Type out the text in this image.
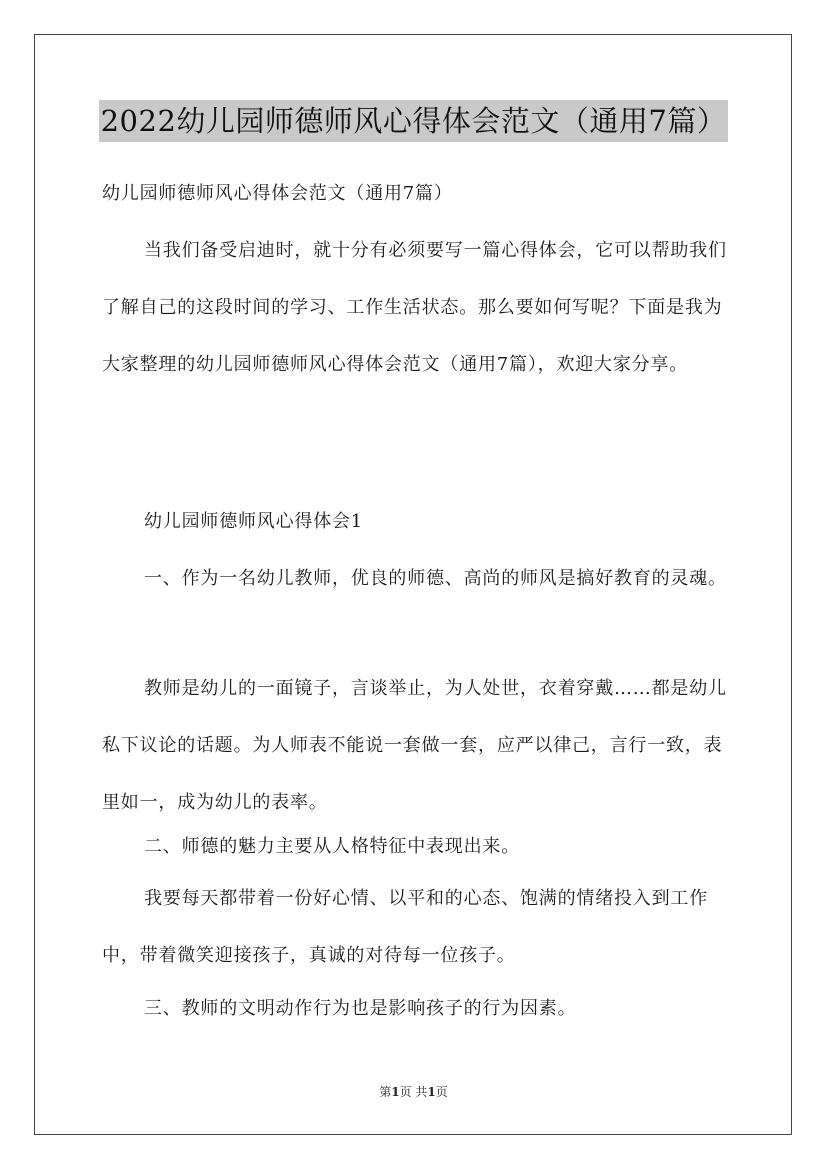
2022幼儿园师德师风心得体会范文（通用7篇）

幼儿园师德师风心得体会范文（通用7篇）

当我们备受启迪时，就十分有必须要写一篇心得体会，它可以帮助我们了解自己的这段时间的学习、工作生活状态。那么要如何写呢？下面是我为大家整理的幼儿园师德师风心得体会范文（通用7篇），欢迎大家分享。

幼儿园师德师风心得体会1

一、作为一名幼儿教师，优良的师德、高尚的师风是搞好教育的灵魂。

教师是幼儿的一面镜子，言谈举止，为人处世，衣着穿戴……都是幼儿私下议论的话题。为人师表不能说一套做一套，应严以律己，言行一致，表里如一，成为幼儿的表率。

二、师德的魅力主要从人格特征中表现出来。

我要每天都带着一份好心情、以平和的心态、饱满的情绪投入到工作中，带着微笑迎接孩子，真诚的对待每一位孩子。

三、教师的文明动作行为也是影响孩子的行为因素。

第1页 共1页
